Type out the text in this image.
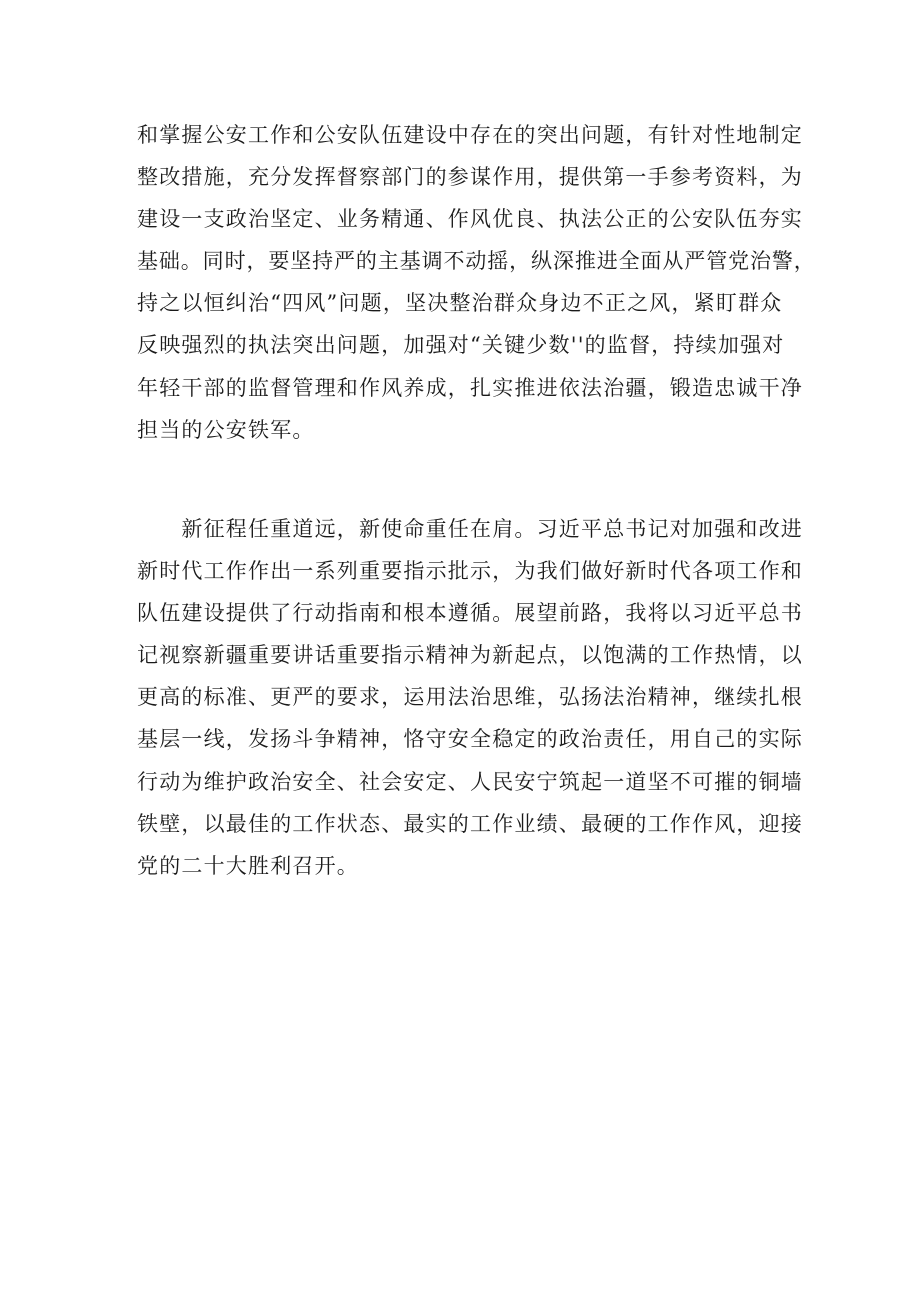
和掌握公安工作和公安队伍建设中存在的突出问题，有针对性地制定
整改措施，充分发挥督察部门的参谋作用，提供第一手参考资料，为
建设一支政治坚定、业务精通、作风优良、执法公正的公安队伍夯实
基础。同时，要坚持严的主基调不动摇，纵深推进全面从严管党治警，
持之以恒纠治“四风”问题，坚决整治群众身边不正之风，紧盯群众
反映强烈的执法突出问题，加强对“关键少数''的监督，持续加强对
年轻干部的监督管理和作风养成，扎实推进依法治疆，锻造忠诚干净
担当的公安铁军。
　　新征程任重道远，新使命重任在肩。习近平总书记对加强和改进
新时代工作作出一系列重要指示批示，为我们做好新时代各项工作和
队伍建设提供了行动指南和根本遵循。展望前路，我将以习近平总书
记视察新疆重要讲话重要指示精神为新起点，以饱满的工作热情，以
更高的标准、更严的要求，运用法治思维，弘扬法治精神，继续扎根
基层一线，发扬斗争精神，恪守安全稳定的政治责任，用自己的实际
行动为维护政治安全、社会安定、人民安宁筑起一道坚不可摧的铜墙
铁壁，以最佳的工作状态、最实的工作业绩、最硬的工作作风，迎接
党的二十大胜利召开。
